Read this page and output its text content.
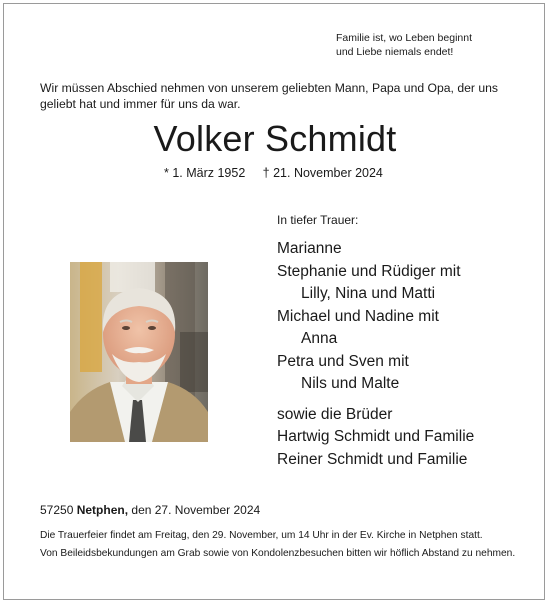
Familie ist, wo Leben beginnt
und Liebe niemals endet!
Wir müssen Abschied nehmen von unserem geliebten Mann, Papa und Opa, der uns geliebt hat und immer für uns da war.
Volker Schmidt
* 1. März 1952 † 21. November 2024
In tiefer Trauer:
Marianne
Stephanie und Rüdiger mit
Lilly, Nina und Matti
Michael und Nadine mit
Anna
Petra und Sven mit
Nils und Malte
sowie die Brüder
Hartwig Schmidt und Familie
Reiner Schmidt und Familie
57250 Netphen, den 27. November 2024
Die Trauerfeier findet am Freitag, den 29. November, um 14 Uhr in der Ev. Kirche in Netphen statt.
Von Beileidsbekundungen am Grab sowie von Kondolenzbesuchen bitten wir höflich Abstand zu nehmen.
